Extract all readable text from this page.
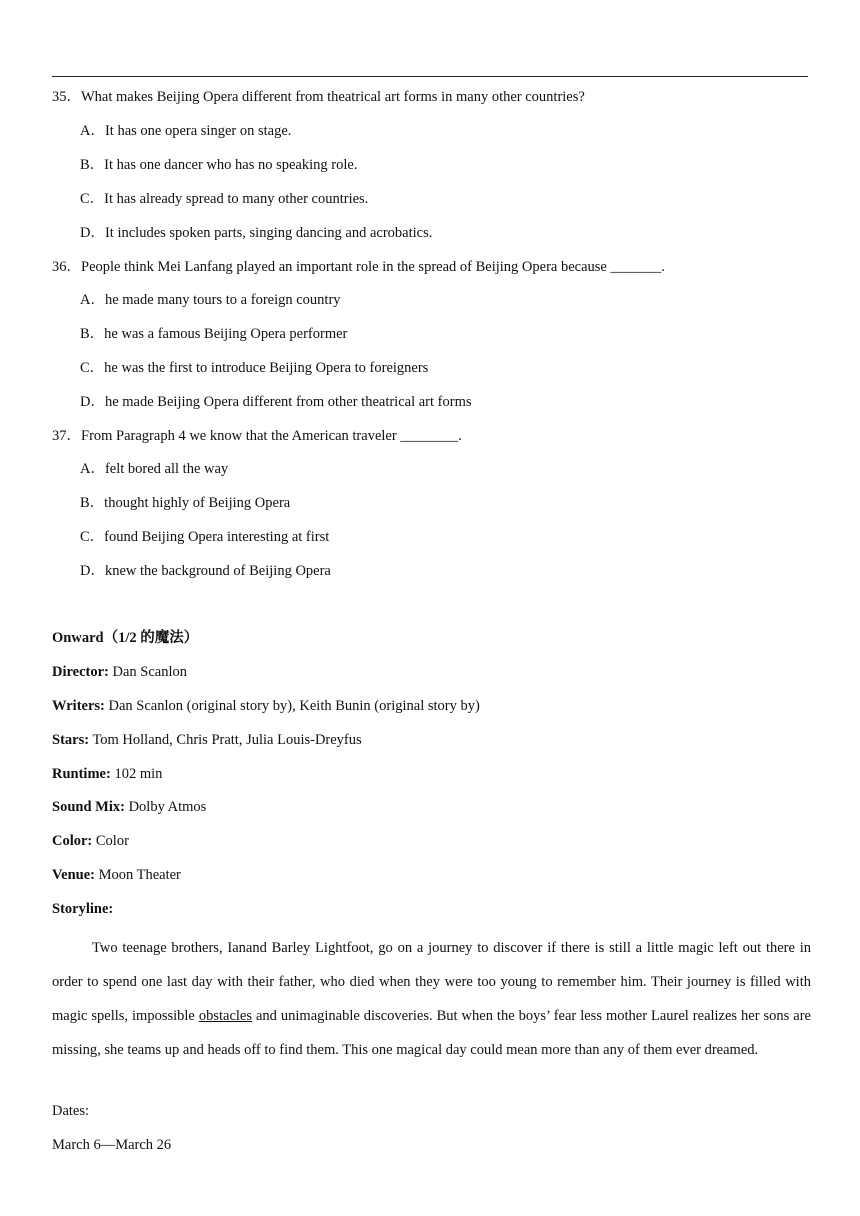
35．What makes Beijing Opera different from theatrical art forms in many other countries?
A．It has one opera singer on stage.
B．It has one dancer who has no speaking role.
C．It has already spread to many other countries.
D．It includes spoken parts, singing dancing and acrobatics.
36．People think Mei Lanfang played an important role in the spread of Beijing Opera because _______.
A．he made many tours to a foreign country
B．he was a famous Beijing Opera performer
C．he was the first to introduce Beijing Opera to foreigners
D．he made Beijing Opera different from other theatrical art forms
37．From Paragraph 4 we know that the American traveler ________.
A．felt bored all the way
B．thought highly of Beijing Opera
C．found Beijing Opera interesting at first
D．knew the background of Beijing Opera
Onward（1/2 的魔法）
Director: Dan Scanlon
Writers: Dan Scanlon (original story by), Keith Bunin (original story by)
Stars: Tom Holland, Chris Pratt, Julia Louis-Dreyfus
Runtime: 102 min
Sound Mix: Dolby Atmos
Color: Color
Venue: Moon Theater
Storyline:
Two teenage brothers, Ianand Barley Lightfoot, go on a journey to discover if there is still a little magic left out there in order to spend one last day with their father, who died when they were too young to remember him. Their journey is filled with magic spells, impossible obstacles and unimaginable discoveries. But when the boys’ fear less mother Laurel realizes her sons are missing, she teams up and heads off to find them. This one magical day could mean more than any of them ever dreamed.
Dates:
March 6—March 26
